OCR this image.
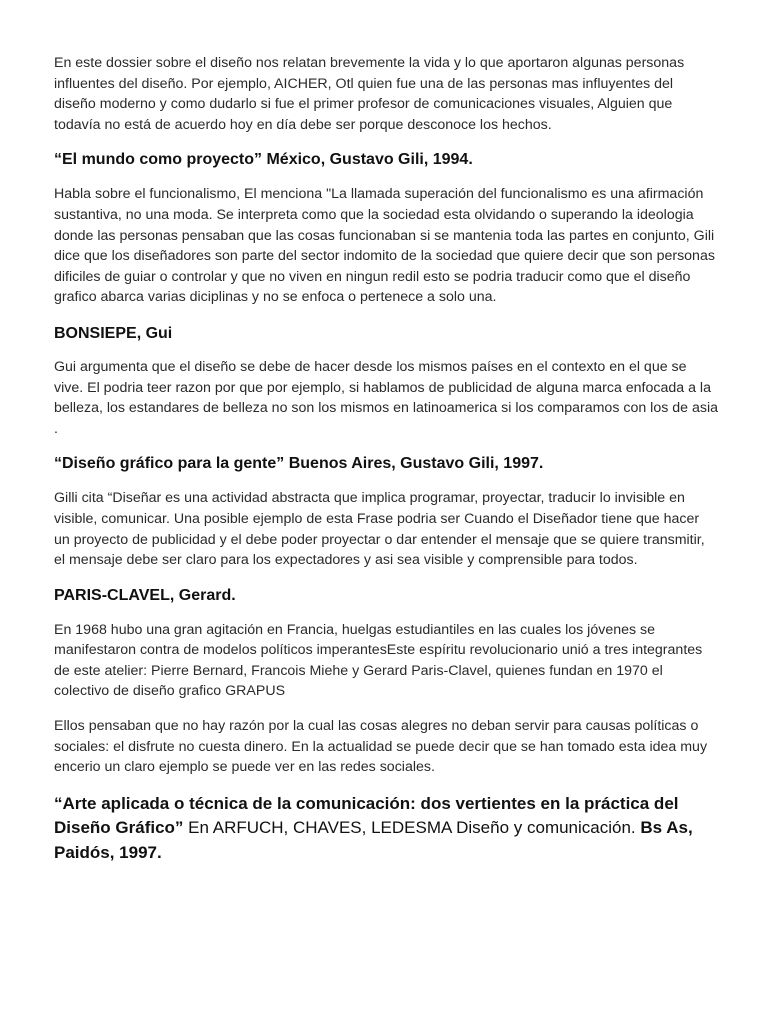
En este dossier sobre el diseño nos relatan brevemente la vida y lo que aportaron algunas personas influentes del diseño. Por ejemplo, AICHER, Otl quien fue una de las personas mas influyentes del diseño moderno y como dudarlo si fue el primer profesor de comunicaciones visuales, Alguien que todavía no está de acuerdo hoy en día debe ser porque desconoce los hechos.

“El mundo como proyecto” México, Gustavo Gili, 1994.

Habla sobre el funcionalismo, El menciona "La llamada superación del funcionalismo es una afirmación sustantiva, no una moda. Se interpreta como que la sociedad esta olvidando o superando la ideologia donde las personas pensaban que las cosas funcionaban si se mantenia toda las partes en conjunto, Gili dice que los diseñadores son parte del sector indomito de la sociedad que quiere decir que son personas dificiles de guiar o controlar y que no viven en ningun redil esto se podria traducir como que el diseño grafico abarca varias diciplinas y no se enfoca o pertenece a solo una.

BONSIEPE, Gui

Gui argumenta que el diseño se debe de hacer desde los mismos países en el contexto en el que se vive. El podria teer razon por que por ejemplo, si hablamos de publicidad de alguna marca enfocada a la belleza, los estandares de belleza no son los mismos en latinoamerica si los comparamos con los de asia .

“Diseño gráfico para la gente” Buenos Aires, Gustavo Gili, 1997.

Gilli cita “Diseñar es una actividad abstracta que implica programar, proyectar, traducir lo invisible en visible, comunicar. Una posible ejemplo de esta Frase podria ser Cuando el Diseñador tiene que hacer un proyecto de publicidad y el debe poder proyectar o dar entender el mensaje que se quiere transmitir, el mensaje debe ser claro para los expectadores y asi sea visible y comprensible para todos.

PARIS-CLAVEL, Gerard.

En 1968 hubo una gran agitación en Francia, huelgas estudiantiles en las cuales los jóvenes se manifestaron contra de modelos políticos imperantesEste espíritu revolucionario unió a tres integrantes de este atelier: Pierre Bernard, Francois Miehe y Gerard Paris-Clavel, quienes fundan en 1970 el colectivo de diseño grafico GRAPUS

Ellos pensaban que no hay razón por la cual las cosas alegres no deban servir para causas políticas o sociales: el disfrute no cuesta dinero. En la actualidad se puede decir que se han tomado esta idea muy encerio un claro ejemplo se puede ver en las redes sociales.

“Arte aplicada o técnica de la comunicación: dos vertientes en la práctica del Diseño Gráfico” En ARFUCH, CHAVES, LEDESMA Diseño y comunicación. Bs As, Paidós, 1997.
